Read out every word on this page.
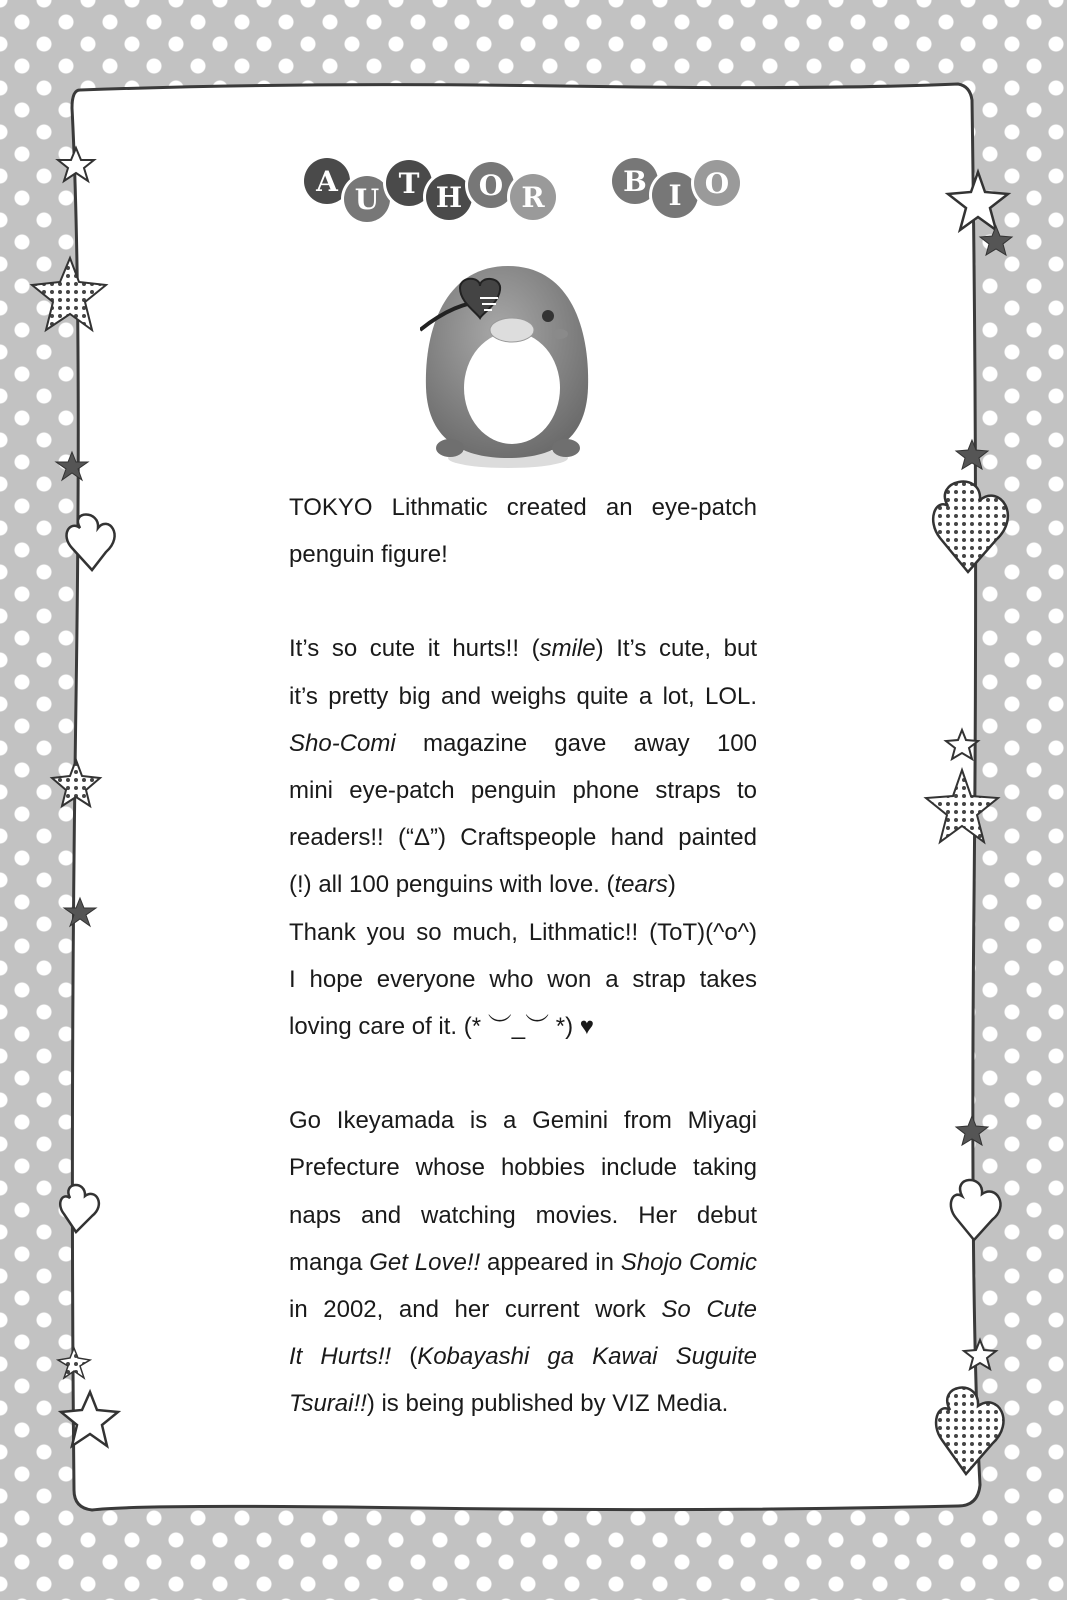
A
U T H O R	B I O

TOKYO Lithmatic created an eye-patch
penguin figure!

It’s so cute it hurts!! (smile) It’s cute, but
it’s pretty big and weighs quite a lot, LOL.
Sho-Comi magazine gave away 100
mini eye-patch penguin phone straps to
readers!! (“Δ”) Craftspeople hand painted
(!) all 100 penguins with love. (tears)
Thank you so much, Lithmatic!! (ToT)(^o^)
I hope everyone who won a strap takes
loving care of it. (* ︶_︶ *) ♥

Go Ikeyamada is a Gemini from Miyagi
Prefecture whose hobbies include taking
naps and watching movies. Her debut
manga Get Love!! appeared in Shojo Comic
in 2002, and her current work So Cute
It Hurts!! (Kobayashi ga Kawai Suguite
Tsurai!!) is being published by VIZ Media.
